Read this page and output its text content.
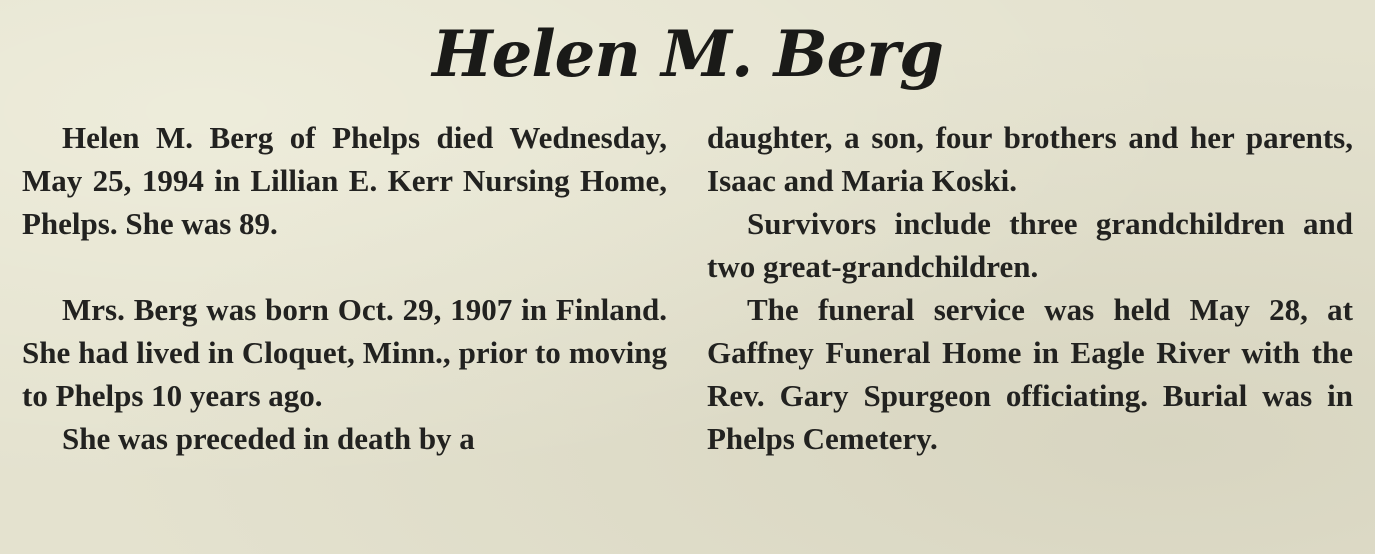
Helen M. Berg

Helen M. Berg of Phelps died Wednesday, May 25, 1994 in Lillian E. Kerr Nursing Home, Phelps. She was 89.

Mrs. Berg was born Oct. 29, 1907 in Finland. She had lived in Cloquet, Minn., prior to moving to Phelps 10 years ago.

She was preceded in death by a

daughter, a son, four brothers and her parents, Isaac and Maria Koski.

Survivors include three grandchildren and two great-grandchildren.

The funeral service was held May 28, at Gaffney Funeral Home in Eagle River with the Rev. Gary Spurgeon officiating. Burial was in Phelps Cemetery.
